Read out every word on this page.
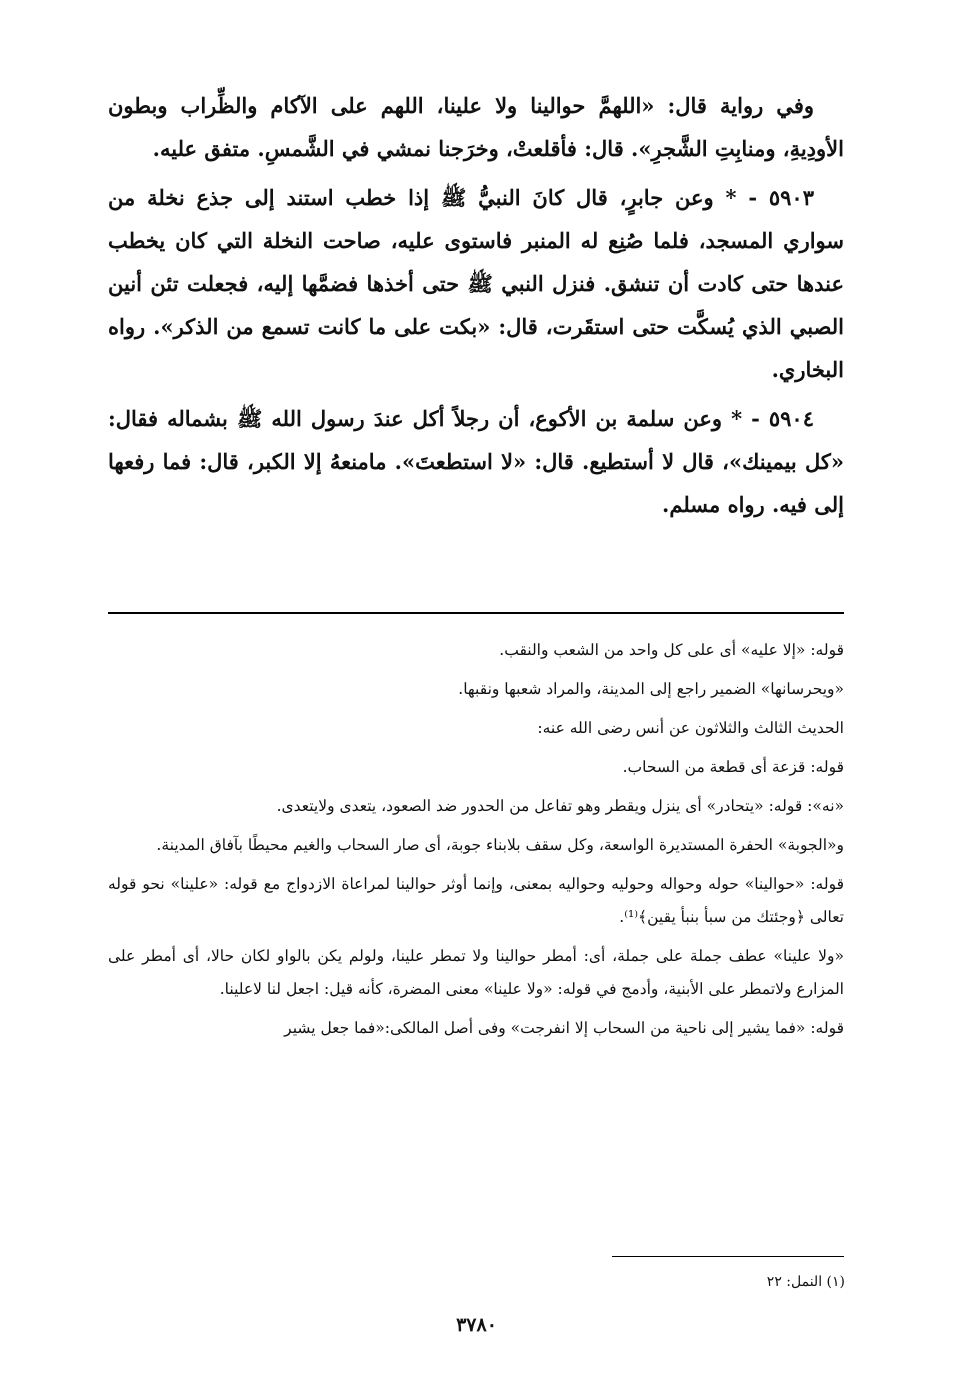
وفي رواية قال: «اللهمَّ حوالينا ولا علينا، اللهم على الآكام والظِّراب وبطون الأودِيةِ، ومنابِتِ الشَّجرِ». قال: فأقلعتْ، وخرَجنا نمشي في الشَّمسِ. متفق عليه.

٥٩٠٣ - * وعن جابرٍ، قال كانَ النبيُّ ﷺ إذا خطب استند إلى جذع نخلة من سواري المسجد، فلما صُنِع له المنبر فاستوى عليه، صاحت النخلة التي كان يخطب عندها حتى كادت أن تنشق. فنزل النبي ﷺ حتى أخذها فضمَّها إليه، فجعلت تئن أنين الصبي الذي يُسكَّت حتى استقَرت، قال: «بكت على ما كانت تسمع من الذكر». رواه البخاري.

٥٩٠٤ - * وعن سلمة بن الأكوع، أن رجلاً أكل عندَ رسول الله ﷺ بشماله فقال: «كل بيمينك»، قال لا أستطيع. قال: «لا استطعتَ». مامنعهُ إلا الكبر، قال: فما رفعها إلى فيه. رواه مسلم.

قوله: «إلا عليه» أى على كل واحد من الشعب والنقب.

«ويحرسانها» الضمير راجع إلى المدينة، والمراد شعبها ونقبها.

الحديث الثالث والثلاثون عن أنس رضى الله عنه:

قوله: قزعة أى قطعة من السحاب.

«نه»: قوله: «يتحادر» أى ينزل ويقطر وهو تفاعل من الحدور ضد الصعود، يتعدى ولايتعدى.

و«الجوبة» الحفرة المستديرة الواسعة، وكل سقف بلابناء جوبة، أى صار السحاب والغيم محيطًا بآفاق المدينة.

قوله: «حوالينا» حوله وحواله وحوليه وحواليه بمعنى، وإنما أوثر حوالينا لمراعاة الازدواج مع قوله: «علينا» نحو قوله تعالى ﴿وجئتك من سبأ بنبأ يقين﴾⁽¹⁾.

«ولا علينا» عطف جملة على جملة، أى: أمطر حوالينا ولا تمطر علينا، ولولم يكن بالواو لكان حالا، أى أمطر على المزارع ولاتمطر على الأبنية، وأدمج في قوله: «ولا علينا» معنى المضرة، كأنه قيل: اجعل لنا لاعلينا.

قوله: «فما يشير إلى ناحية من السحاب إلا انفرجت» وفى أصل المالكى:«فما جعل يشير

(١) النمل: ٢٢
٣٧٨٠
